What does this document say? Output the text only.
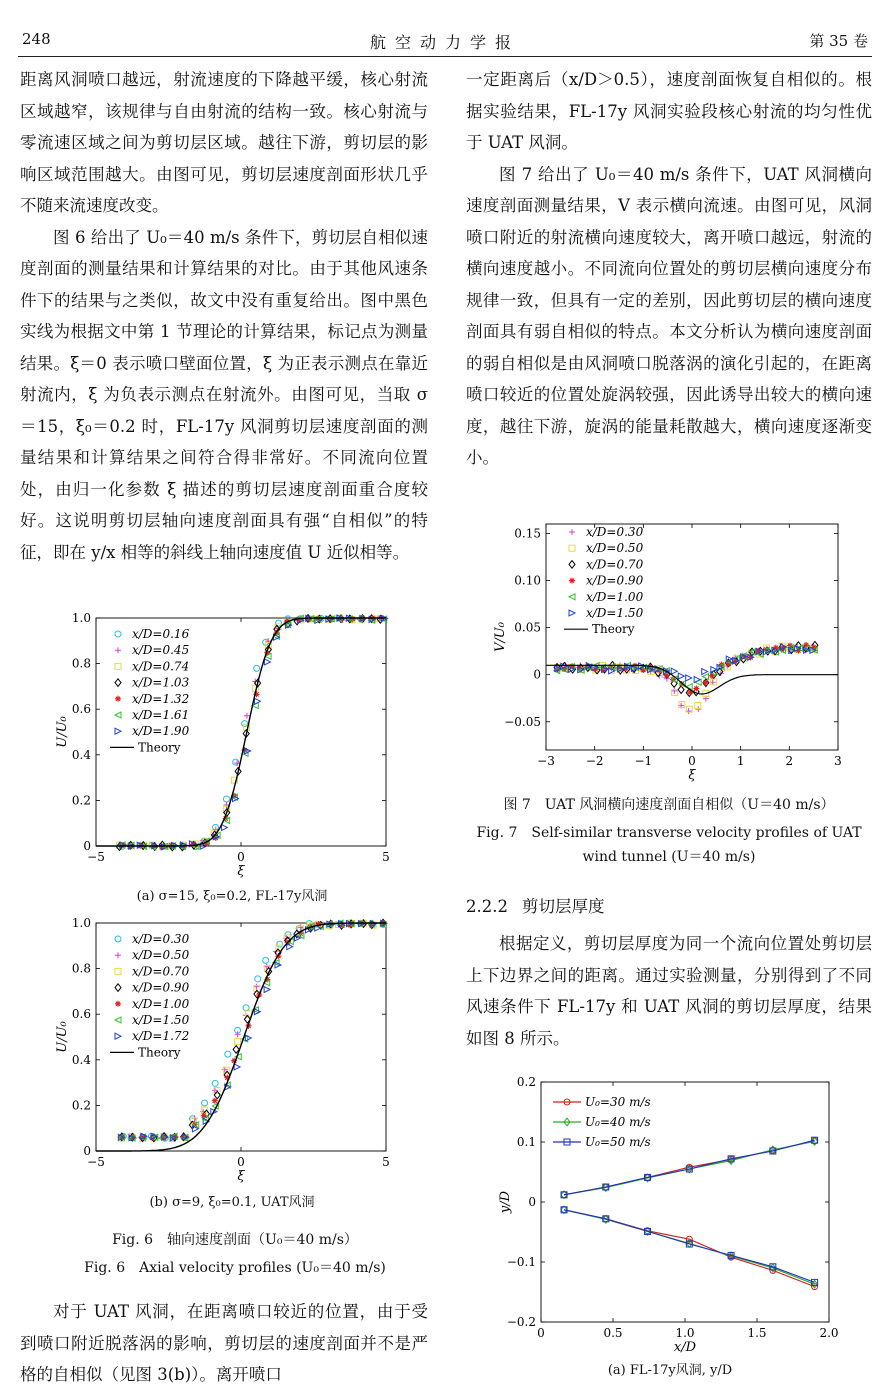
248	航空动力学报	第 35 卷

距离风洞喷口越远，射流速度的下降越平缓，核心射流区域越窄，该规律与自由射流的结构一致。核心射流与零流速区域之间为剪切层区域。越往下游，剪切层的影响区域范围越大。由图可见，剪切层速度剖面形状几乎不随来流速度改变。

图 6 给出了 U₀＝40 m/s 条件下，剪切层自相似速度剖面的测量结果和计算结果的对比。由于其他风速条件下的结果与之类似，故文中没有重复给出。图中黑色实线为根据文中第 1 节理论的计算结果，标记点为测量结果。ξ＝0 表示喷口壁面位置，ξ 为正表示测点在靠近射流内，ξ 为负表示测点在射流外。由图可见，当取 σ＝15，ξ₀＝0.2 时，FL-17y 风洞剪切层速度剖面的测量结果和计算结果之间符合得非常好。不同流向位置处，由归一化参数 ξ 描述的剪切层速度剖面重合度较好。这说明剪切层轴向速度剖面具有强“自相似”的特征，即在 y/x 相等的斜线上轴向速度值 U 近似相等。

0
0.2
0.4
0.6
0.8
1.0
−5	0	5
ξ
U/U₀
x/D=0.16
x/D=0.45
x/D=0.74
x/D=1.03
x/D=1.32
x/D=1.61
x/D=1.90
Theory
(a) σ=15, ξ₀=0.2, FL-17y风洞
0
0.2
0.4
0.6
0.8
1.0
−5	0	5
ξ
U/U₀
x/D=0.30
x/D=0.50
x/D=0.70
x/D=0.90
x/D=1.00
x/D=1.50
x/D=1.72
Theory
(b) σ=9, ξ₀=0.1, UAT风洞
Fig. 6　轴向速度剖面（U₀＝40 m/s）
Fig. 6　Axial velocity profiles (U₀＝40 m/s)

对于 UAT 风洞，在距离喷口较近的位置，由于受到喷口附近脱落涡的影响，剪切层的速度剖面并不是严格的自相似（见图 3(b)）。离开喷口

一定距离后（x/D＞0.5），速度剖面恢复自相似的。根据实验结果，FL-17y 风洞实验段核心射流的均匀性优于 UAT 风洞。

图 7 给出了 U₀＝40 m/s 条件下，UAT 风洞横向速度剖面测量结果，V 表示横向流速。由图可见，风洞喷口附近的射流横向速度较大，离开喷口越远，射流的横向速度越小。不同流向位置处的剪切层横向速度分布规律一致，但具有一定的差别，因此剪切层的横向速度剖面具有弱自相似的特点。本文分析认为横向速度剖面的弱自相似是由风洞喷口脱落涡的演化引起的，在距离喷口较近的位置处旋涡较强，因此诱导出较大的横向速度，越往下游，旋涡的能量耗散越大，横向速度逐渐变小。

−0.05
0
0.05
0.10
0.15
−3	−2	−1	0	1	2	3
ξ
V/U₀
x/D=0.30
x/D=0.50
x/D=0.70
x/D=0.90
x/D=1.00
x/D=1.50
Theory
图 7　UAT 风洞横向速度剖面自相似（U＝40 m/s）
Fig. 7　Self-similar transverse velocity profiles of UAT
wind tunnel (U＝40 m/s)
2.2.2 剪切层厚度

根据定义，剪切层厚度为同一个流向位置处剪切层上下边界之间的距离。通过实验测量，分别得到了不同风速条件下 FL-17y 和 UAT 风洞的剪切层厚度，结果如图 8 所示。

−0.2
−0.1
0
0.1
0.2
0	0.5	1.0	1.5	2.0
x/D
y/D
U₀=30 m/s
U₀=40 m/s
U₀=50 m/s
(a) FL-17y风洞, y/D
